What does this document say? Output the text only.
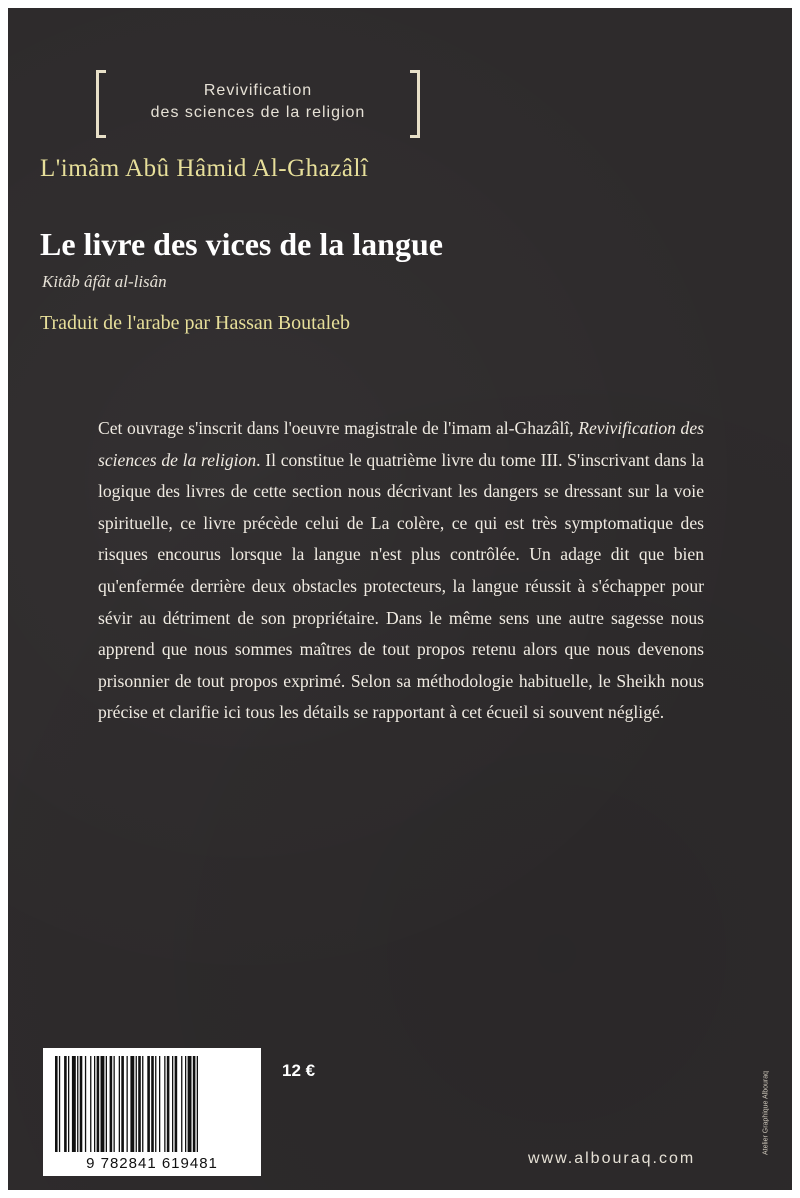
Revivification
des sciences de la religion
L'imâm Abû Hâmid Al-Ghazâlî
Le livre des vices de la langue
Kitâb âfât al-lisân
Traduit de l'arabe par Hassan Boutaleb
Cet ouvrage s'inscrit dans l'oeuvre magistrale de l'imam al-Ghazâlî, Revivification des sciences de la religion. Il constitue le quatrième livre du tome III. S'inscrivant dans la logique des livres de cette section nous décrivant les dangers se dressant sur la voie spirituelle, ce livre précède celui de La colère, ce qui est très symptomatique des risques encourus lorsque la langue n'est plus contrôlée. Un adage dit que bien qu'enfermée derrière deux obstacles protecteurs, la langue réussit à s'échapper pour sévir au détriment de son propriétaire. Dans le même sens une autre sagesse nous apprend que nous sommes maîtres de tout propos retenu alors que nous devenons prisonnier de tout propos exprimé. Selon sa méthodologie habituelle, le Sheikh nous précise et clarifie ici tous les détails se rapportant à cet écueil si souvent négligé.
9 782841 619481
12 €
www.albouraq.com
Atelier Graphique Albouraq
